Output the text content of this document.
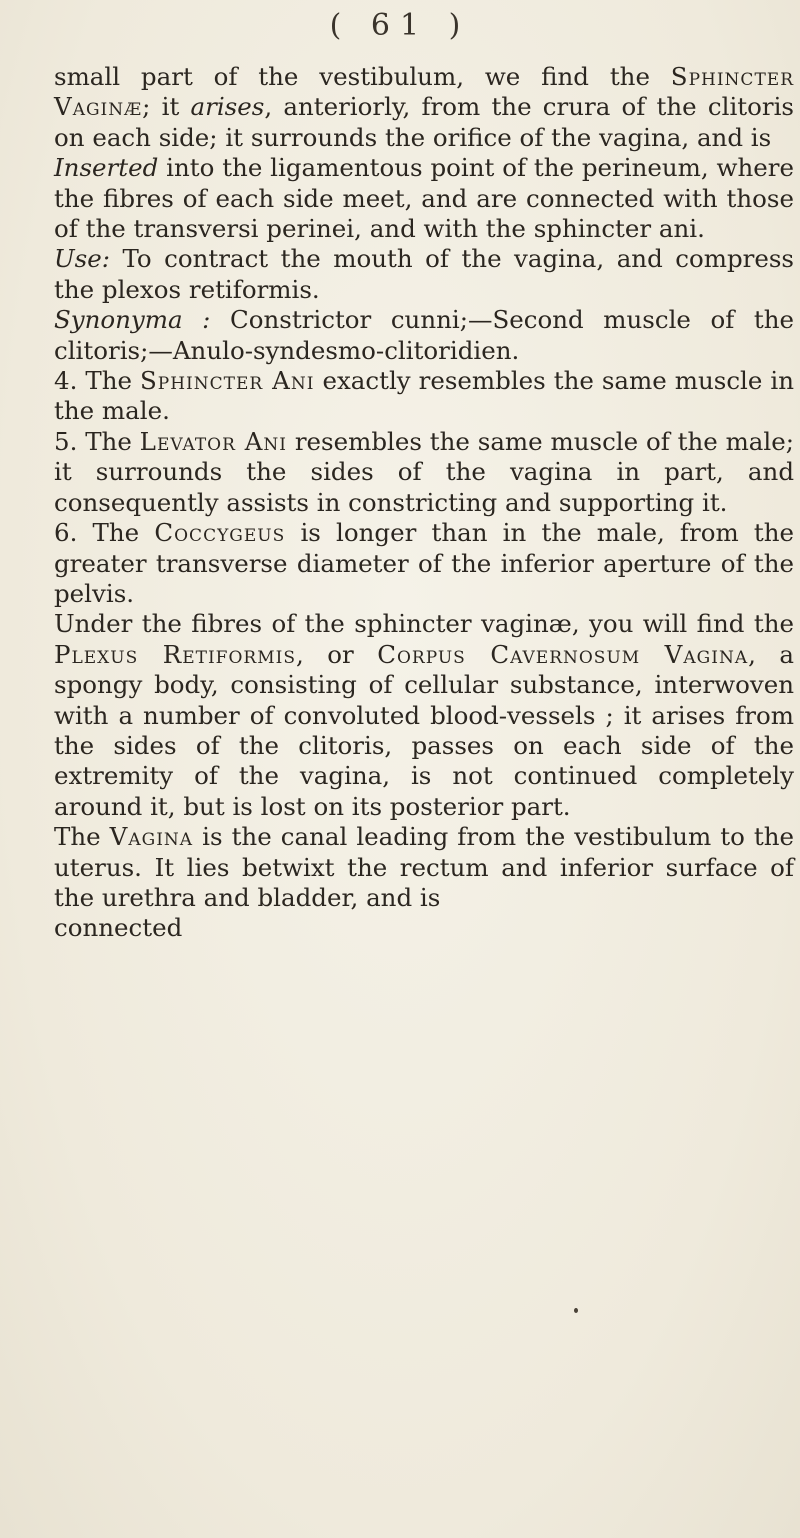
( 61 )

small part of the vestibulum, we find the Sphincter Vaginæ; it arises, anteriorly, from the crura of the clitoris on each side; it surrounds the orifice of the vagina, and is

Inserted into the ligamentous point of the perineum, where the fibres of each side meet, and are connected with those of the transversi perinei, and with the sphincter ani.

Use: To contract the mouth of the vagina, and compress the plexos retiformis.

Synonyma : Constrictor cunni;—Second muscle of the clitoris;—Anulo-syndesmo-clitoridien.

4. The Sphincter Ani exactly resembles the same muscle in the male.

5. The Levator Ani resembles the same muscle of the male; it surrounds the sides of the vagina in part, and consequently assists in constricting and supporting it.

6. The Coccygeus is longer than in the male, from the greater transverse diameter of the inferior aperture of the pelvis.

Under the fibres of the sphincter vaginæ, you will find the Plexus Retiformis, or Corpus Cavernosum Vagina, a spongy body, consisting of cellular substance, interwoven with a number of convoluted blood-vessels ; it arises from the sides of the clitoris, passes on each side of the extremity of the vagina, is not continued completely around it, but is lost on its posterior part.

The Vagina is the canal leading from the vestibulum to the uterus. It lies betwixt the rectum and inferior surface of the urethra and bladder, and is

connected
